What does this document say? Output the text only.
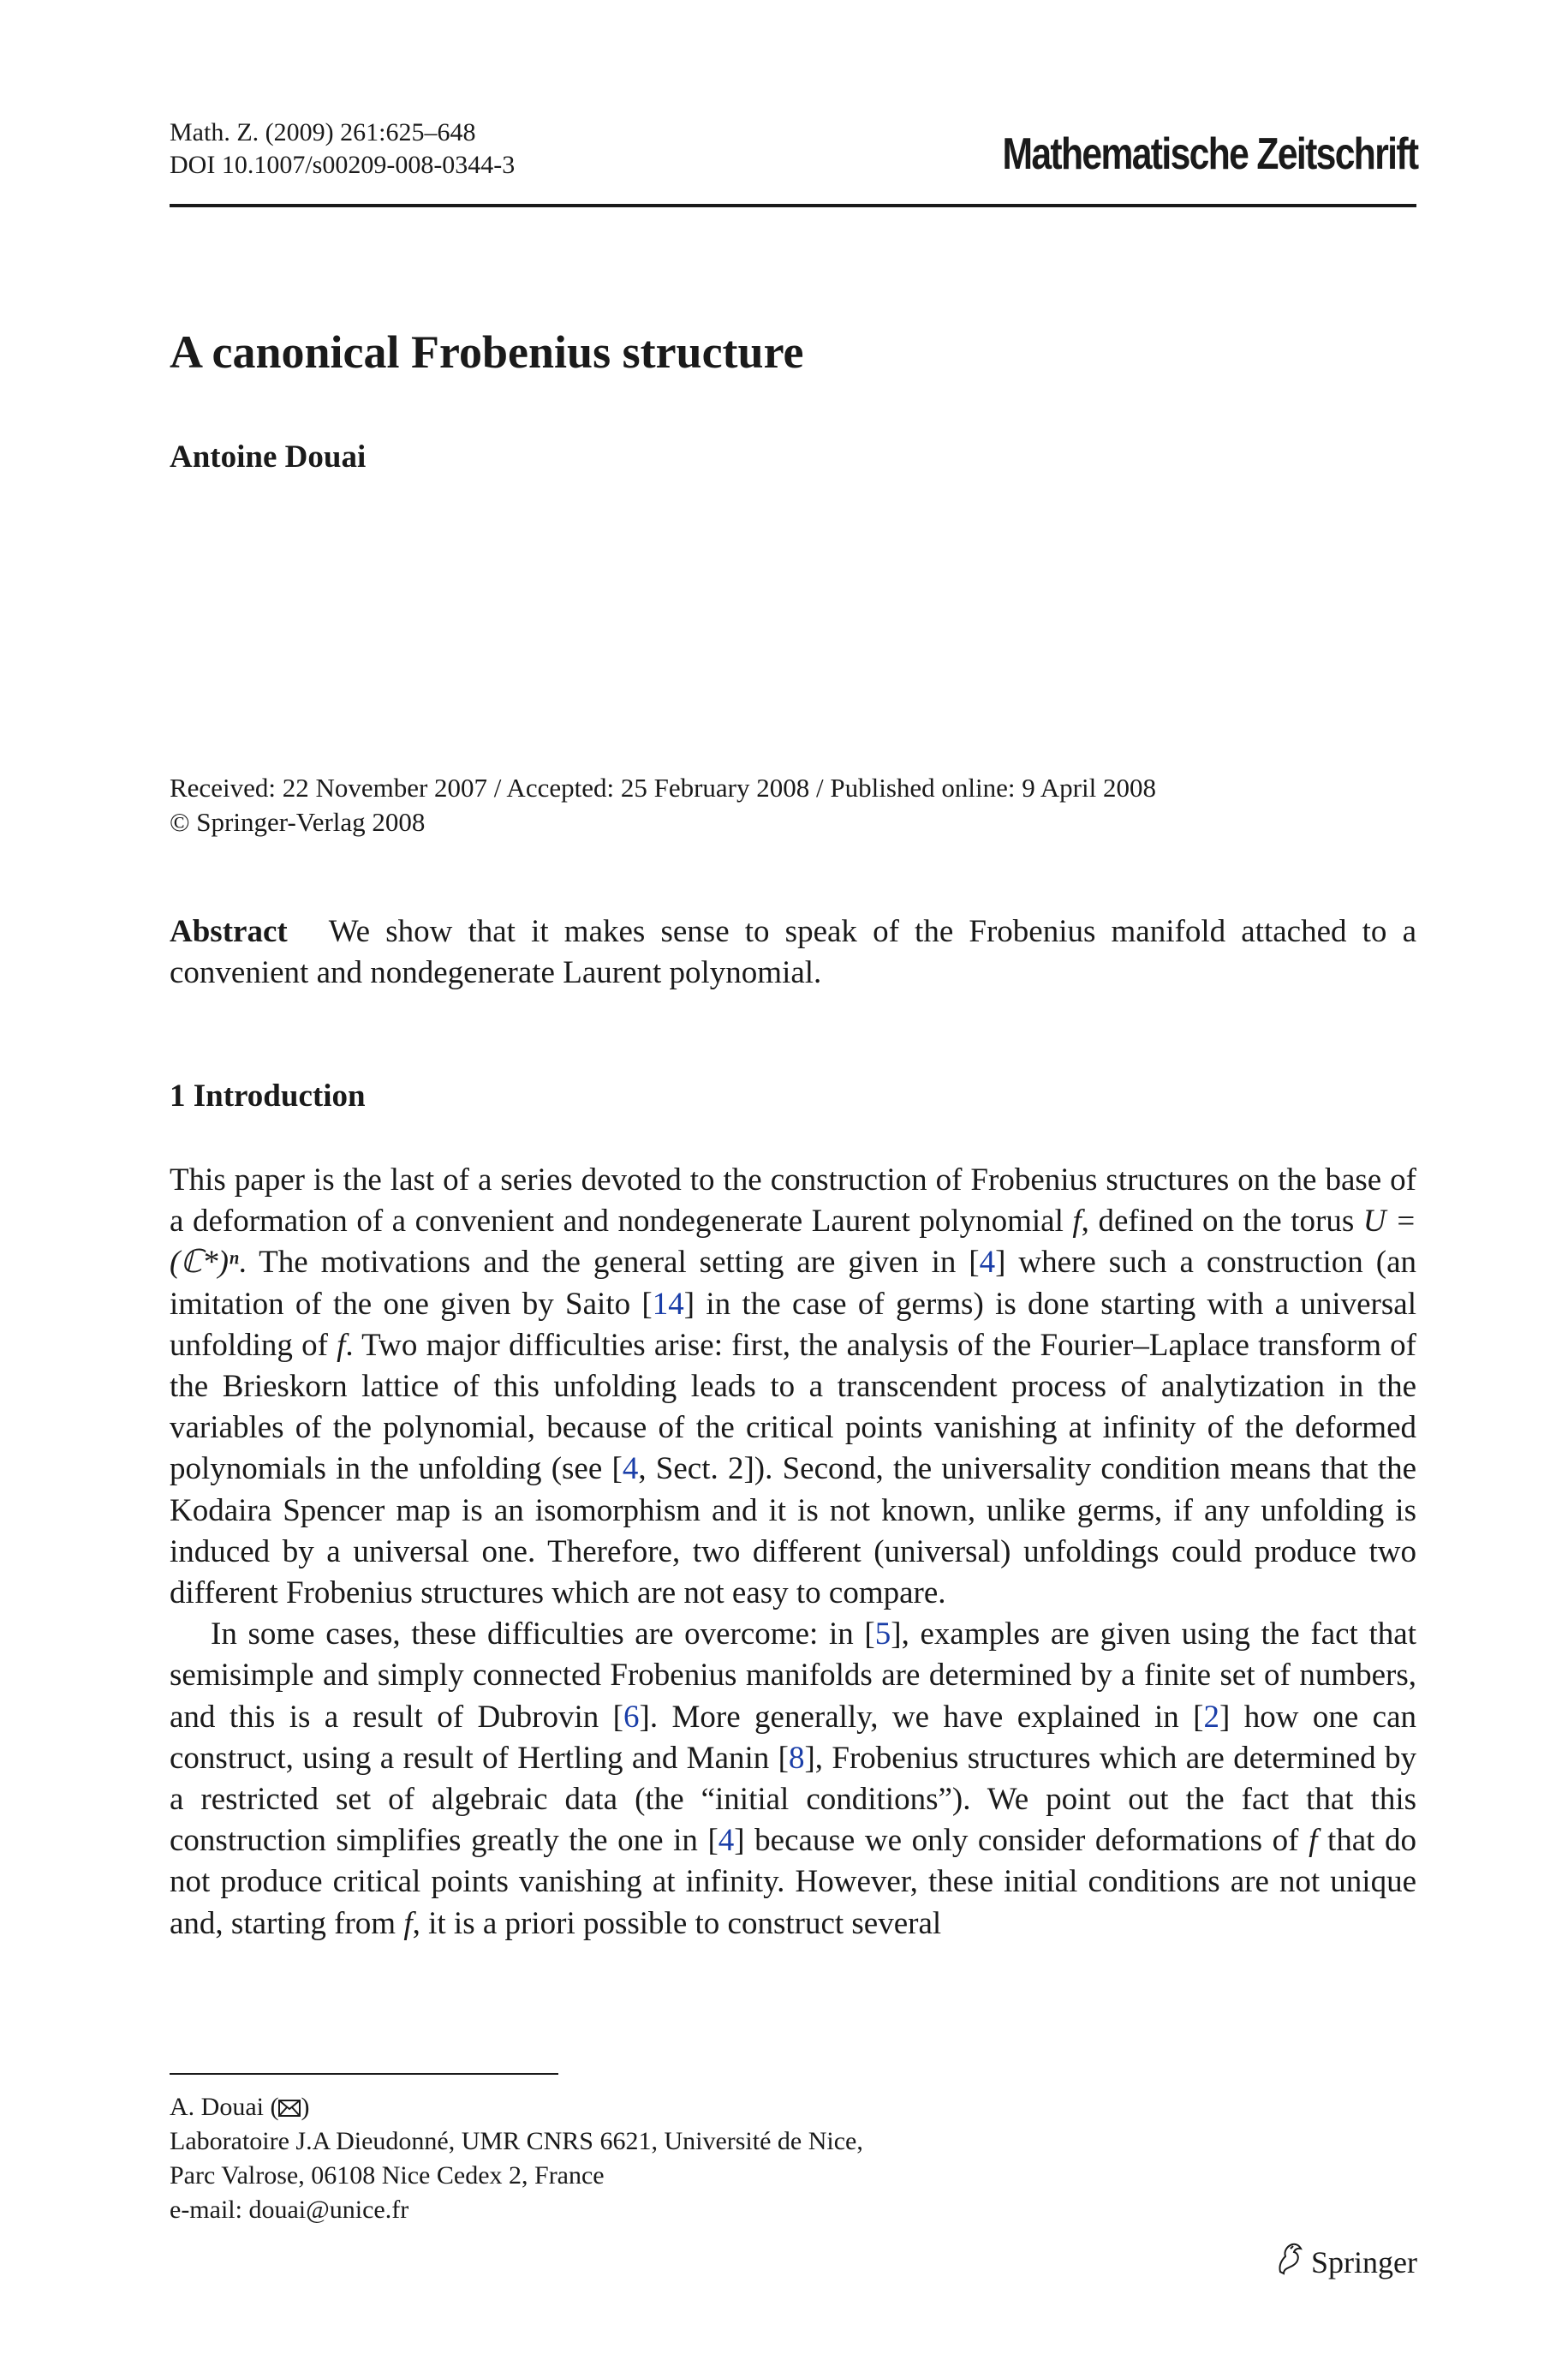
Math. Z. (2009) 261:625–648
DOI 10.1007/s00209-008-0344-3	Mathematische Zeitschrift
A canonical Frobenius structure
Antoine Douai
Received: 22 November 2007 / Accepted: 25 February 2008 / Published online: 9 April 2008
© Springer-Verlag 2008
Abstract We show that it makes sense to speak of the Frobenius manifold attached to a convenient and nondegenerate Laurent polynomial.
1 Introduction

This paper is the last of a series devoted to the construction of Frobenius structures on the base of a deformation of a convenient and nondegenerate Laurent polynomial f, defined on the torus U = (ℂ*)ⁿ. The motivations and the general setting are given in [4] where such a construction (an imitation of the one given by Saito [14] in the case of germs) is done starting with a universal unfolding of f. Two major difficulties arise: first, the analysis of the Fourier–Laplace transform of the Brieskorn lattice of this unfolding leads to a transcendent process of analytization in the variables of the polynomial, because of the critical points vanishing at infinity of the deformed polynomials in the unfolding (see [4, Sect. 2]). Second, the universality condition means that the Kodaira Spencer map is an isomorphism and it is not known, unlike germs, if any unfolding is induced by a universal one. Therefore, two different (universal) unfoldings could produce two different Frobenius structures which are not easy to compare.

In some cases, these difficulties are overcome: in [5], examples are given using the fact that semisimple and simply connected Frobenius manifolds are determined by a finite set of numbers, and this is a result of Dubrovin [6]. More generally, we have explained in [2] how one can construct, using a result of Hertling and Manin [8], Frobenius structures which are determined by a restricted set of algebraic data (the “initial conditions”). We point out the fact that this construction simplifies greatly the one in [4] because we only consider deformations of f that do not produce critical points vanishing at infinity. However, these initial conditions are not unique and, starting from f, it is a priori possible to construct several

A. Douai ( )
Laboratoire J.A Dieudonné, UMR CNRS 6621, Université de Nice,
Parc Valrose, 06108 Nice Cedex 2, France
e-mail: douai@unice.fr
Springer
